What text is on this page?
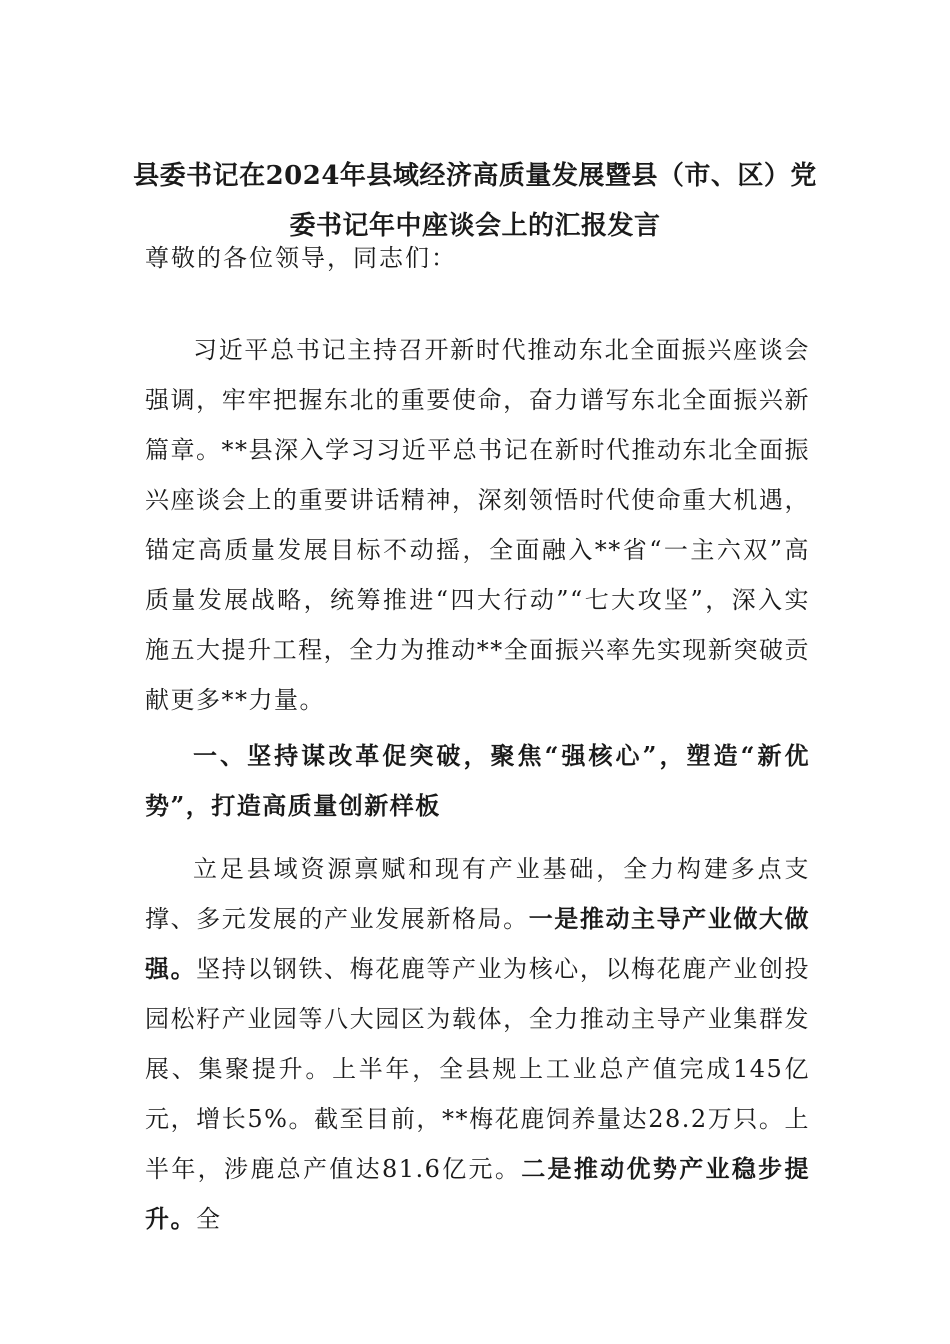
县委书记在2024年县域经济高质量发展暨县（市、区）党
委书记年中座谈会上的汇报发言
尊敬的各位领导，同志们：

习近平总书记主持召开新时代推动东北全面振兴座谈会强调，牢牢把握东北的重要使命，奋力谱写东北全面振兴新篇章。**县深入学习习近平总书记在新时代推动东北全面振兴座谈会上的重要讲话精神，深刻领悟时代使命重大机遇，锚定高质量发展目标不动摇，全面融入**省“一主六双”高质量发展战略，统筹推进“四大行动”“七大攻坚”，深入实施五大提升工程，全力为推动**全面振兴率先实现新突破贡献更多**力量。

一、坚持谋改革促突破，聚焦“强核心”，塑造“新优势”，打造高质量创新样板

立足县域资源禀赋和现有产业基础，全力构建多点支撑、多元发展的产业发展新格局。一是推动主导产业做大做强。坚持以钢铁、梅花鹿等产业为核心，以梅花鹿产业创投园松籽产业园等八大园区为载体，全力推动主导产业集群发展、集聚提升。上半年，全县规上工业总产值完成145亿元，增长5%。截至目前，**梅花鹿饲养量达28.2万只。上半年，涉鹿总产值达81.6亿元。二是推动优势产业稳步提升。全
